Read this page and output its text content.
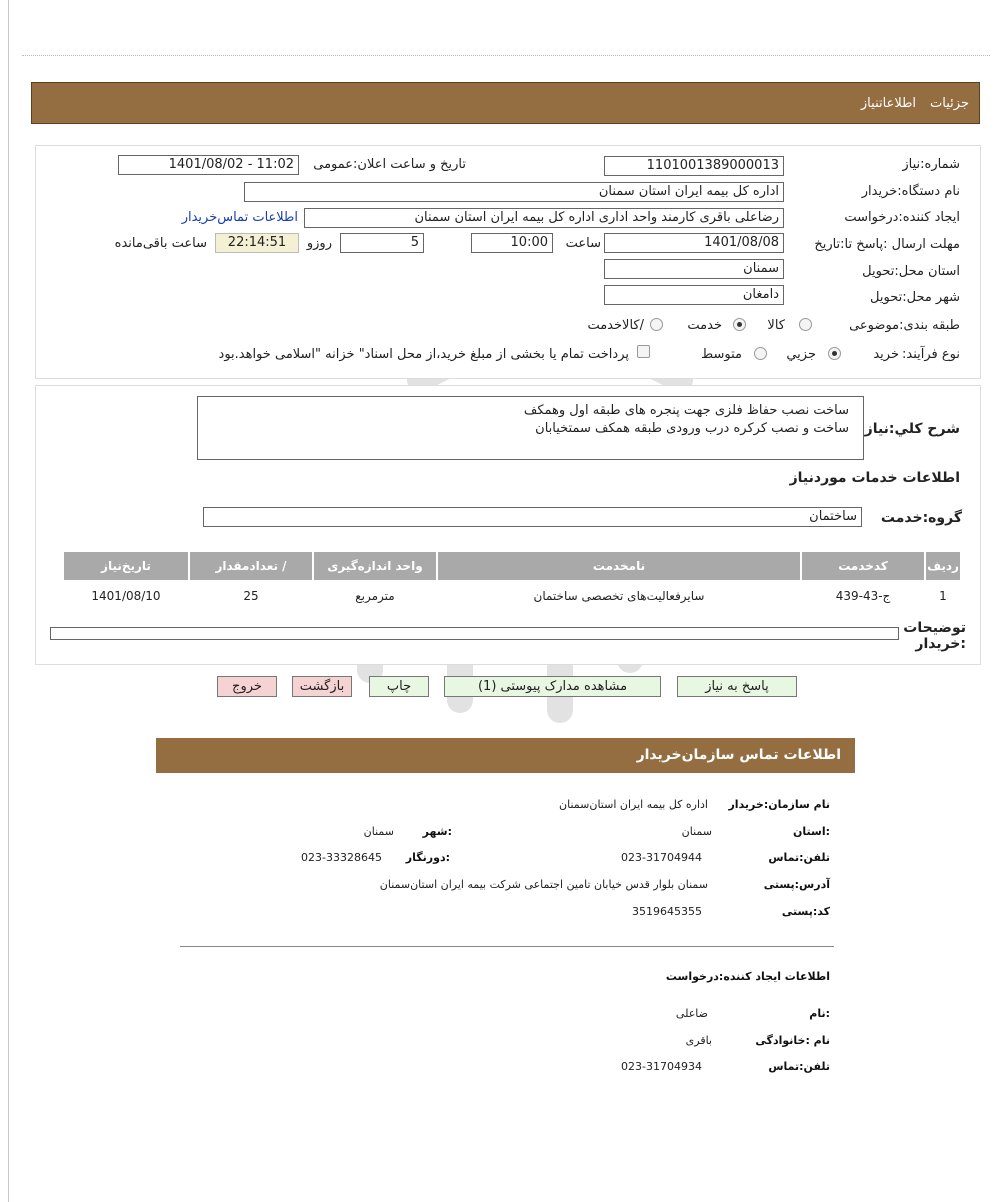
جزئیات
اطلاعاتنیاز
شماره:نیاز
1101001389000013
تاریخ و ساعت اعلان:عمومی
1401/08/02 - 11:02
نام دستگاه:خریدار
اداره کل بیمه ایران استان سمنان
ایجاد کننده:درخواست
رضاعلی باقری کارمند واحد اداری اداره کل بیمه ایران استان سمنان
اطلاعات تماس‌خریدار
مهلت ارسال :پاسخ تا:تاریخ
1401/08/08
ساعت
10:00
5
روزو
22:14:51
ساعت باقی‌مانده
استان محل:تحویل
سمنان
شهر محل:تحویل
دامغان
طبقه بندی:موضوعی
کالا
خدمت
/کالاخدمت
نوع فرآیند:
خرید
جزیي
متوسط
پرداخت تمام یا بخشی از مبلغ خرید،از محل اسناد" خزانه "اسلامی خواهد.بود
شرح کلي:نياز
ساخت نصب حفاظ فلزی جهت پنجره های طبقه اول وهمکف
ساخت و نصب کرکره درب ورودی طبقه همکف سمتخیابان
اطلاعات خدمات موردنیاز
گروه:خدمت
ساختمان
ردیف	کدخدمت	نامخدمت	واحد اندازه‌گیری	/ تعدادمقدار	تاریخ‌نیاز
1	ج-43-439	سایرفعالیت‌های تخصصی ساختمان	مترمربع	25	1401/08/10
توضیحات
:خریدار
پاسخ به نیاز
مشاهده مدارک پیوستی (1)
چاپ
بازگشت
خروج
اطلاعات تماس سازمان‌خریدار
نام سازمان:خریدار
اداره کل بیمه ایران استان‌سمنان
:استان
سمنان
:شهر
سمنان
تلفن:تماس
023-31704944
:دورنگار
023-33328645
آدرس:پستی
سمنان بلوار قدس خیابان تامین اجتماعی شرکت بیمه ایران استان‌سمنان
کد:پستی
3519645355
اطلاعات ایجاد کننده:درخواست
:نام
ضاعلی
نام :خانوادگی
باقری
تلفن:تماس
023-31704934
